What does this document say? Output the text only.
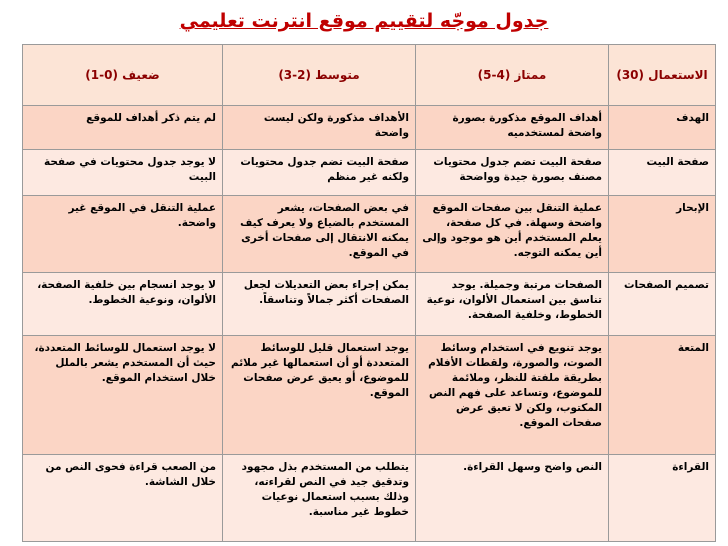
جدول موجّه لتقييم موقع انترنت تعليمي
الاستعمال (30)	ممتاز (4-5)	متوسط (2-3)	ضعيف (0-1)
الهدف	أهداف الموقع مذكورة بصورة واضحة لمستخدميه	الأهداف مذكورة ولكن ليست واضحة	لم يتم ذكر أهداف للموقع
صفحة البيت	صفحة البيت تضم جدول محتويات مصنف بصورة جيدة وواضحة	صفحة البيت تضم جدول محتويات ولكنه غير منظم	لا يوجد جدول محتويات في صفحة البيت
الإبحار	عملية التنقل بين صفحات الموقع واضحة وسهلة. في كل صفحة، يعلم المستخدم أين هو موجود وإلى أين يمكنه التوجه.	في بعض الصفحات، يشعر المستخدم بالضياع ولا يعرف كيف يمكنه الانتقال إلى صفحات أخرى في الموقع.	عملية التنقل في الموقع غير واضحة.
تصميم الصفحات	الصفحات مرتبة وجميلة. يوجد تناسق بين استعمال الألوان، نوعية الخطوط، وخلفية الصفحة.	يمكن إجراء بعض التعديلات لجعل الصفحات أكثر جمالاً وتناسقاً.	لا يوجد انسجام بين خلفية الصفحة، الألوان، ونوعية الخطوط.
المتعة	يوجد تنويع في استخدام وسائط الصوت، والصورة، ولقطات الأفلام بطريقة ملفتة للنظر، وملائمة للموضوع، وتساعد على فهم النص المكتوب، ولكن لا تعيق عرض صفحات الموقع.	يوجد استعمال قليل للوسائط المتعددة أو أن استعمالها غير ملائم للموضوع، أو يعيق عرض صفحات الموقع.	لا يوجد استعمال للوسائط المتعددة، حيث أن المستخدم يشعر بالملل خلال استخدام الموقع.
القراءة	النص واضح وسهل القراءة.	يتطلب من المستخدم بذل مجهود وتدقيق جيد في النص لقراءته، وذلك بسبب استعمال نوعيات خطوط غير مناسبة.	من الصعب قراءة فحوى النص من خلال الشاشة.
